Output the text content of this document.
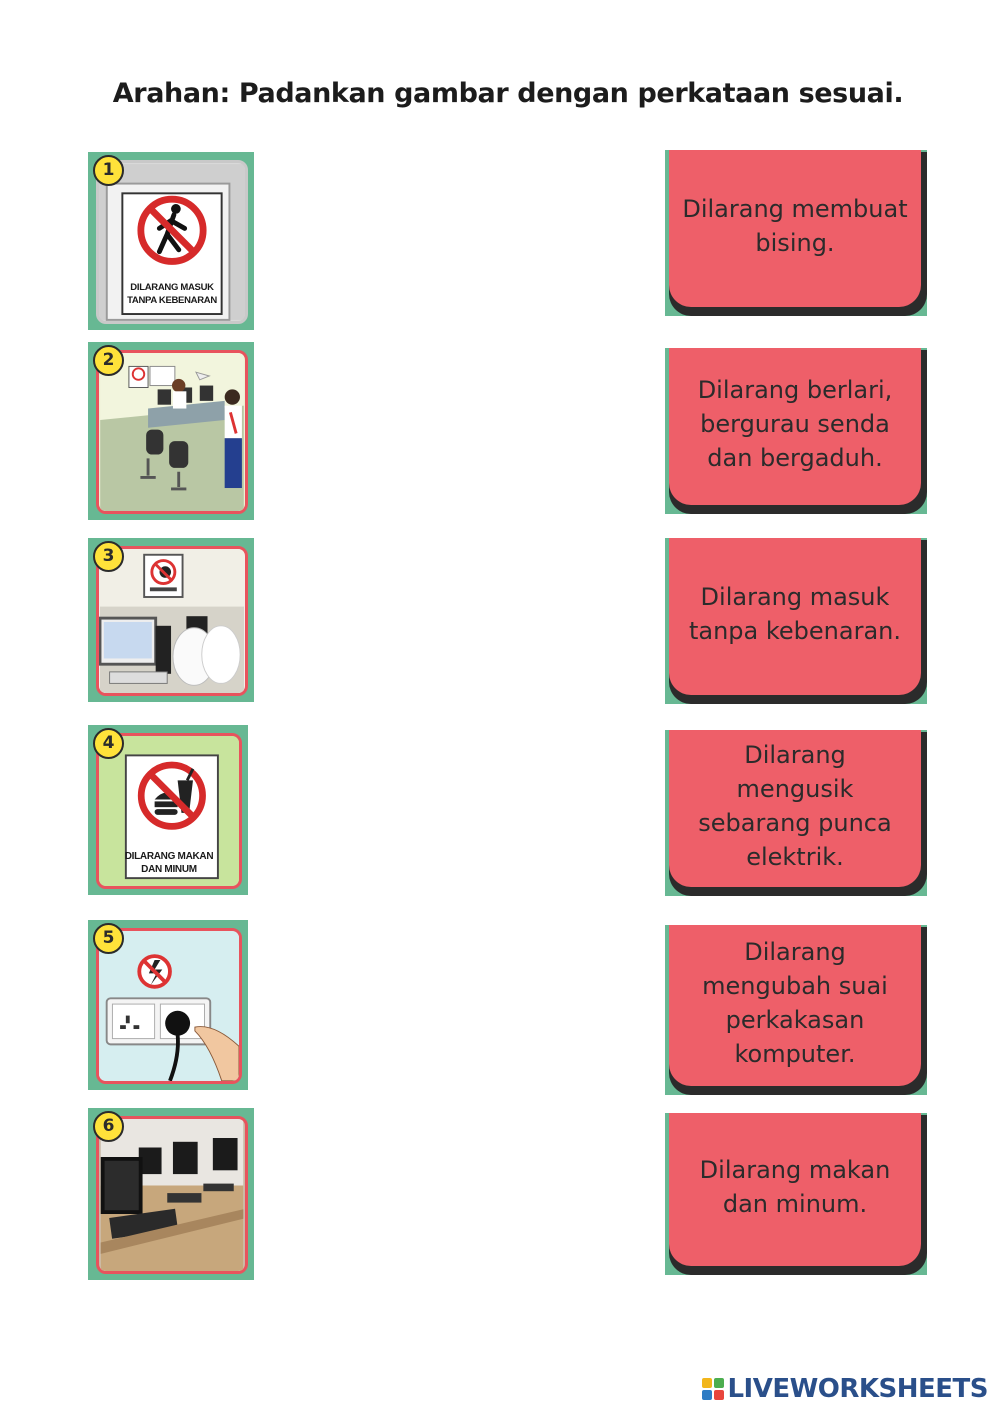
Arahan: Padankan gambar dengan perkataan sesuai.
DILARANG MASUK
TANPA KEBENARAN
1
2
3
DILARANG MAKAN
DAN MINUM
4
5
6
Dilarang membuat
bising.
Dilarang berlari,
bergurau senda
dan bergaduh.
Dilarang masuk
tanpa kebenaran.
Dilarang
mengusik
sebarang punca
elektrik.
Dilarang
mengubah suai
perkakasan
komputer.
Dilarang makan
dan minum.
LIVEWORKSHEETS
